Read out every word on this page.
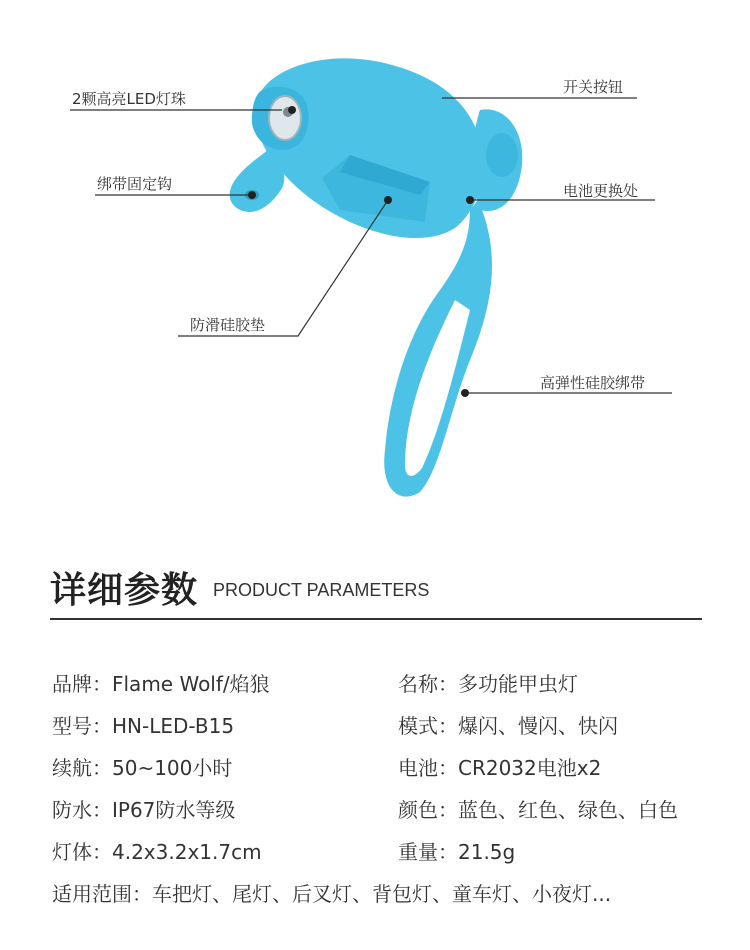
2颗高亮LED灯珠
绑带固定钩
防滑硅胶垫
开关按钮
电池更换处
高弹性硅胶绑带
详细参数 PRODUCT PARAMETERS
品牌：Flame Wolf/焰狼	名称：多功能甲虫灯
型号：HN-LED-B15	模式：爆闪、慢闪、快闪
续航：50~100小时	电池：CR2032电池x2
防水：IP67防水等级	颜色：蓝色、红色、绿色、白色
灯体：4.2x3.2x1.7cm	重量：21.5g
适用范围：车把灯、尾灯、后叉灯、背包灯、童车灯、小夜灯...
